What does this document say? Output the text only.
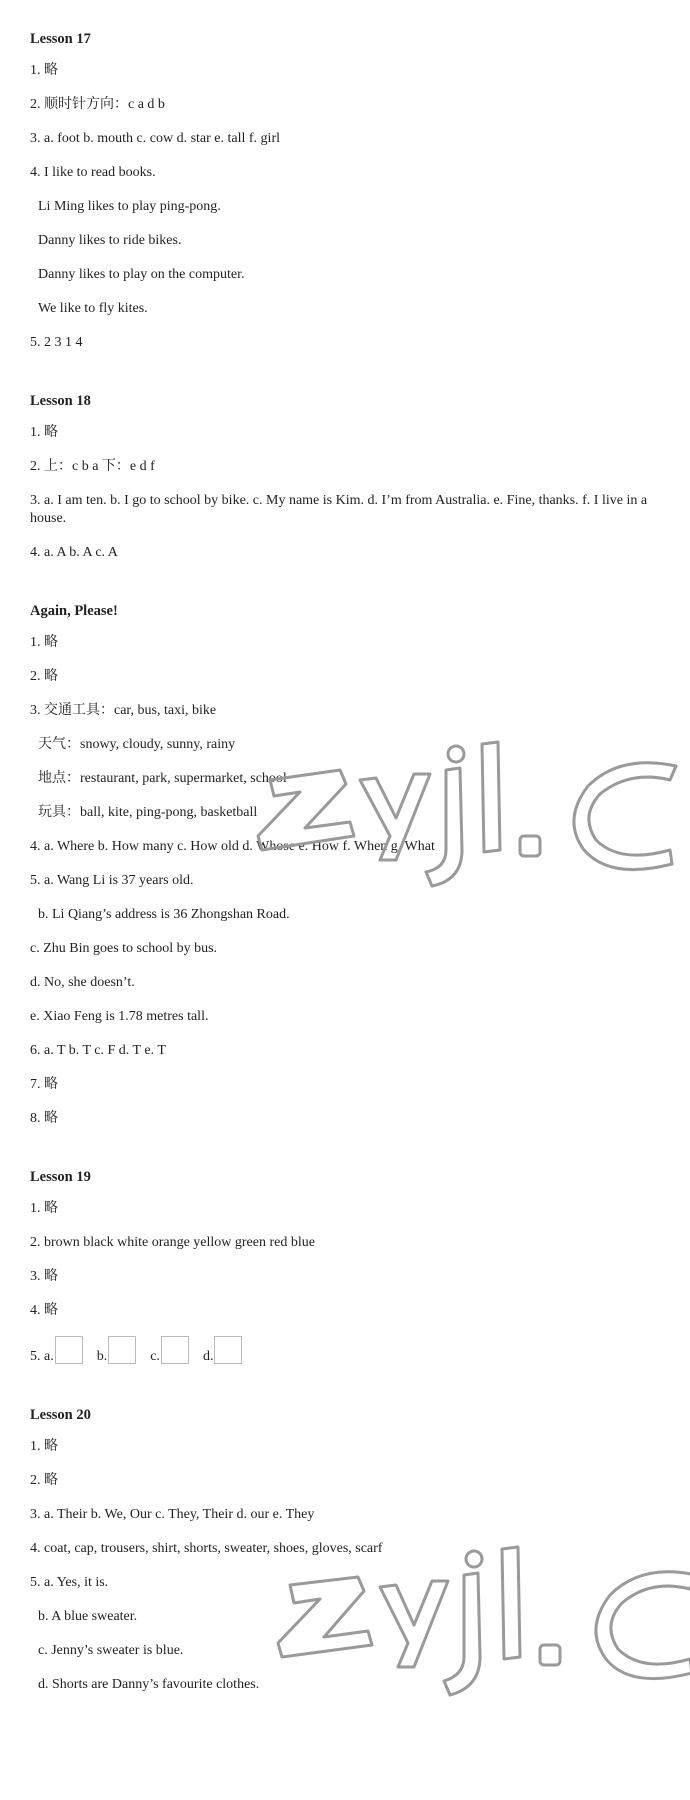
Lesson 17
1. 略
2. 顺时针方向：c a d b
3. a. foot b. mouth c. cow d. star e. tall f. girl
4. I like to read books.
Li Ming likes to play ping-pong.
Danny likes to ride bikes.
Danny likes to play on the computer.
We like to fly kites.
5. 2 3 1 4
Lesson 18
1. 略
2. 上：c b a 下：e d f
3. a. I am ten. b. I go to school by bike. c. My name is Kim. d. I’m from Australia. e. Fine, thanks. f. I live in a house.
4. a. A b. A c. A
Again, Please!
1. 略
2. 略
3. 交通工具：car, bus, taxi, bike
天气：snowy, cloudy, sunny, rainy
地点：restaurant, park, supermarket, school
玩具：ball, kite, ping-pong, basketball
4. a. Where b. How many c. How old d. Whose e. How f. When g. What
5. a. Wang Li is 37 years old.
b. Li Qiang’s address is 36 Zhongshan Road.
c. Zhu Bin goes to school by bus.
d. No, she doesn’t.
e. Xiao Feng is 1.78 metres tall.
6. a. T b. T c. F d. T e. T
7. 略
8. 略
Lesson 19
1. 略
2. brown black white orange yellow green red blue
3. 略
4. 略
5. a.	b.	c.	d.
Lesson 20
1. 略
2. 略
3. a. Their b. We, Our c. They, Their d. our e. They
4. coat, cap, trousers, shirt, shorts, sweater, shoes, gloves, scarf
5. a. Yes, it is.
b. A blue sweater.
c. Jenny’s sweater is blue.
d. Shorts are Danny’s favourite clothes.
